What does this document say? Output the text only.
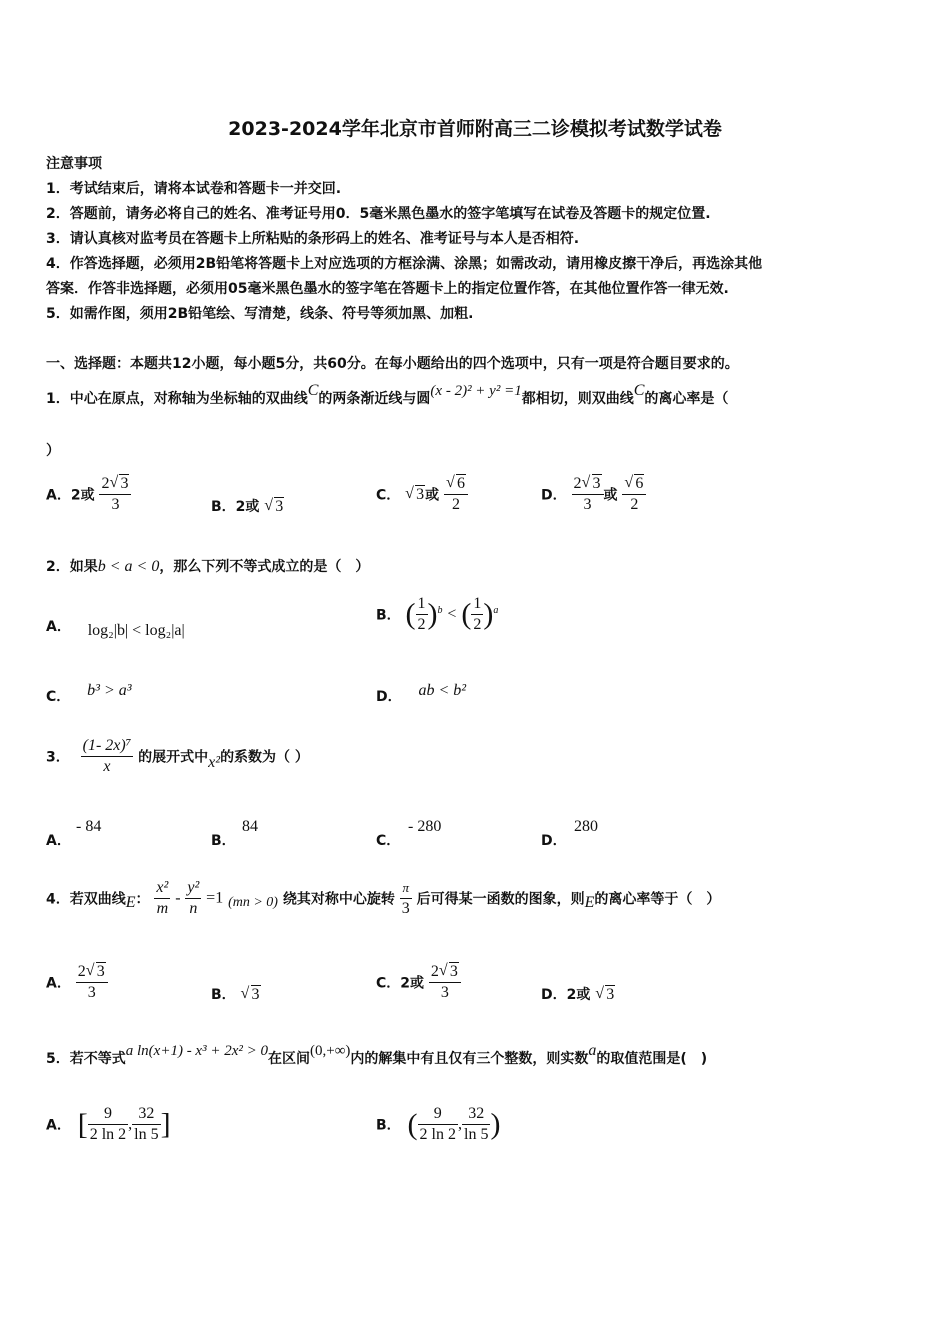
2023-2024学年北京市首师附高三二诊模拟考试数学试卷
注意事项
1．考试结束后，请将本试卷和答题卡一并交回.
2．答题前，请务必将自己的姓名、准考证号用0．5毫米黑色墨水的签字笔填写在试卷及答题卡的规定位置.
3．请认真核对监考员在答题卡上所粘贴的条形码上的姓名、准考证号与本人是否相符.
4．作答选择题，必须用2B铅笔将答题卡上对应选项的方框涂满、涂黑；如需改动，请用橡皮擦干净后，再选涂其他
答案．作答非选择题，必须用05毫米黑色墨水的签字笔在答题卡上的指定位置作答，在其他位置作答一律无效.
5．如需作图，须用2B铅笔绘、写清楚，线条、符号等须加黑、加粗.
一、选择题：本题共12小题，每小题5分，共60分。在每小题给出的四个选项中，只有一项是符合题目要求的。
1．中心在原点，对称轴为坐标轴的双曲线C的两条渐近线与圆(x - 2)² + y² =1都相切，则双曲线C的离心率是（
）
A．2或 $\frac{2 √ 3}{3}$	B．2或 √ 3
C． √ 3或 √ $\frac{6}{2}$	D． $\frac{2 √ 3}{3}$ 或 √ $\frac{6}{2}$
2．如果b < a < 0，那么下列不等式成立的是（　）
A． log₂|b| < log₂|a|
B． ( $\frac{1}{2} )^b$ < ( $\frac{1}{2} )^a$
C． b³ > a³	D． ab < b²
3． $\frac{\text{(1- 2x)⁷}}{x}$ 的展开式中x²的系数为（ ）
A．
- 84
B．
84
C．
- 280
D．
280
4．若双曲线E： $\frac{\text{x²}}{m} - \frac{\text{y²}}{n} =1$ (mn > 0) 绕其对称中心旋转 $\frac{\pi}{3}$ 后可得某一函数的图象，则E的离心率等于（　）
A． $\frac{2 √ 3}{3}$	B． √ 3
C．2或 $\frac{2 √ 3}{3}$	D．2或 √ 3
5．若不等式a ln(x+1) - x³ + 2x² > 0在区间(0,+∞)内的解集中有且仅有三个整数，则实数a的取值范围是(　)
A． [ $\frac{9}{2 \ln 2}$ , $\frac{32}{\ln 5}$ ]	B． ( $\frac{9}{2 \ln 2}$ , $\frac{32}{\ln 5}$ )
